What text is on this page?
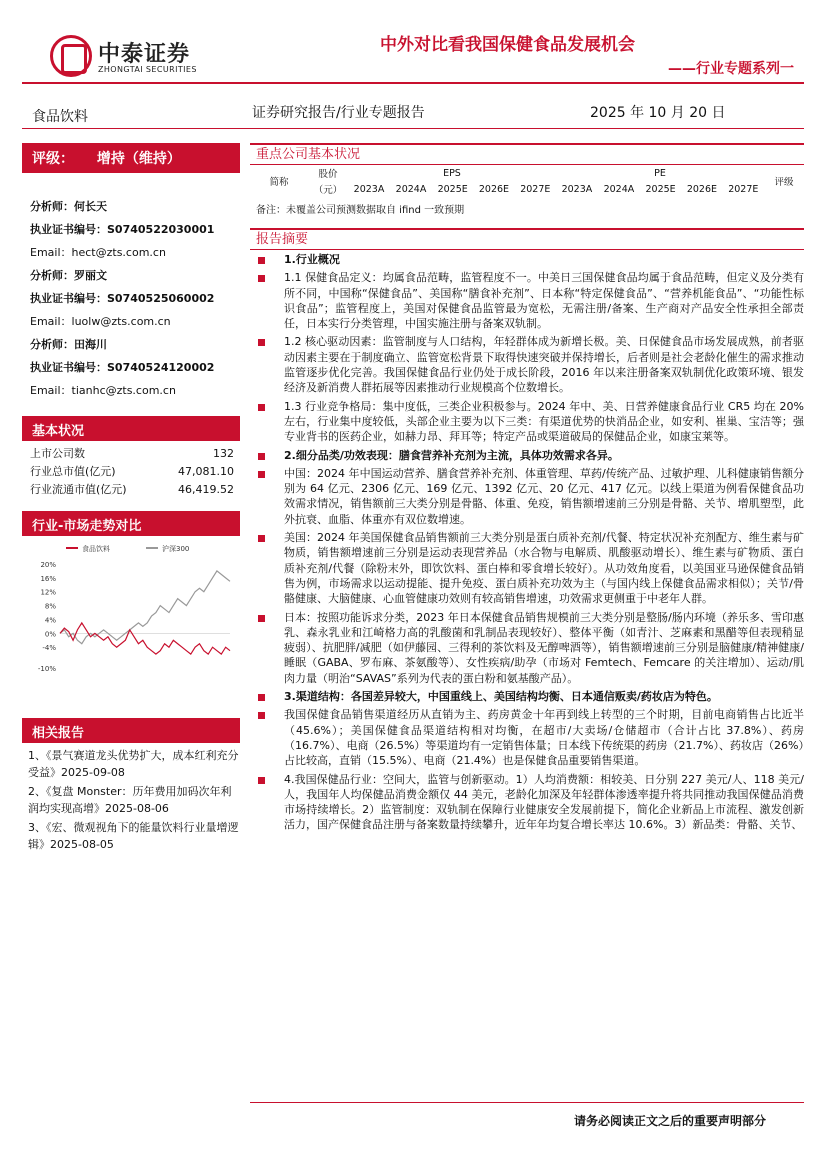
中泰证券
ZHONGTAI SECURITIES
中外对比看我国保健食品发展机会
——行业专题系列一
食品饮料	证券研究报告/行业专题报告	2025 年 10 月 20 日
评级： 增持（维持）
分析师：何长天
执业证书编号：S0740522030001
Email：hect@zts.com.cn
分析师：罗丽文
执业证书编号：S0740525060002
Email：luolw@zts.com.cn
分析师：田海川
执业证书编号：S0740524120002
Email：tianhc@zts.com.cn
基本状况
上市公司数	132
行业总市值(亿元)	47,081.10
行业流通市值(亿元)	46,419.52
行业-市场走势对比
20%
16%
12%
8%
4%
0%
-4%
-10%
食品饮料	沪深300
相关报告
1、《景气赛道龙头优势扩大，成本红利充分受益》2025-09-08
2、《复盘 Monster：历年费用加码次年利润均实现高增》2025-08-06
3、《宏、微观视角下的能量饮料行业量增逻辑》2025-08-05
重点公司基本状况
简称	股价	EPS					PE					评级
	（元）	2023A	2024A	2025E	2026E	2027E	2023A	2024A	2025E	2026E	2027E	
备注：未覆盖公司预测数据取自 ifind 一致预期
报告摘要
1.行业概况
1.1 保健食品定义：均属食品范畴，监管程度不一。中美日三国保健食品均属于食品范畴，但定义及分类有所不同，中国称“保健食品”、美国称“膳食补充剂”、日本称“特定保健食品”、“营养机能食品”、“功能性标识食品”；监管程度上，美国对保健食品监管最为宽松，无需注册/备案、生产商对产品安全性承担全部责任，日本实行分类管理，中国实施注册与备案双轨制。
1.2 核心驱动因素：监管制度与人口结构，年轻群体成为新增长极。美、日保健食品市场发展成熟，前者驱动因素主要在于制度确立、监管宽松背景下取得快速突破并保持增长，后者则是社会老龄化催生的需求推动监管逐步优化完善。我国保健食品行业仍处于成长阶段，2016 年以来注册备案双轨制优化政策环境、银发经济及新消费人群拓展等因素推动行业规模高个位数增长。
1.3 行业竞争格局：集中度低，三类企业积极参与。2024 年中、美、日营养健康食品行业 CR5 均在 20%左右，行业集中度较低，头部企业主要为以下三类：有渠道优势的快消品企业，如安利、崔巢、宝洁等；强专业背书的医药企业，如赫力昂、拜耳等；特定产品或渠道破局的保健品企业，如康宝莱等。
2.细分品类/功效表现：膳食营养补充剂为主流，具体功效需求各异。
中国：2024 年中国运动营养、膳食营养补充剂、体重管理、草药/传统产品、过敏护理、儿科健康销售额分别为 64 亿元、2306 亿元、169 亿元、1392 亿元、20 亿元、417 亿元。以线上渠道为例看保健食品功效需求情况，销售额前三大类分别是骨骼、体重、免疫，销售额增速前三分别是骨骼、关节、增肌塑型，此外抗衰、血脂、体重亦有双位数增速。
美国：2024 年美国保健食品销售额前三大类分别是蛋白质补充剂/代餐、特定状况补充剂配方、维生素与矿物质，销售额增速前三分别是运动表现营养品（水合物与电解质、肌酸驱动增长）、维生素与矿物质、蛋白质补充剂/代餐（除粉末外，即饮饮料、蛋白棒和零食增长较好）。从功效角度看，以美国亚马逊保健食品销售为例，市场需求以运动提能、提升免疫、蛋白质补充功效为主（与国内线上保健食品需求相似）；关节/骨骼健康、大脑健康、心血管健康功效则有较高销售增速，功效需求更侧重于中老年人群。
日本：按照功能诉求分类，2023 年日本保健食品销售规模前三大类分别是整肠/肠内环境（养乐多、雪印惠乳、森永乳业和江崎格力高的乳酸菌和乳制品表现较好）、整体平衡（如青汁、芝麻素和黑醋等但表现稍显疲弱）、抗肥胖/减肥（如伊藤园、三得利的茶饮料及无醇啤酒等），销售额增速前三分别是脑健康/精神健康/睡眠（GABA、罗布麻、茶氨酸等）、女性疾病/助孕（市场对 Femtech、Femcare 的关注增加）、运动/肌肉力量（明治“SAVAS”系列为代表的蛋白粉和氨基酸产品）。
3.渠道结构：各国差异较大，中国重线上、美国结构均衡、日本通信贩卖/药妆店为特色。
我国保健食品销售渠道经历从直销为主、药房黄金十年再到线上转型的三个时期，目前电商销售占比近半（45.6%）；美国保健食品渠道结构相对均衡，在超市/大卖场/仓储超市（合计占比 37.8%）、药房（16.7%）、电商（26.5%）等渠道均有一定销售体量；日本线下传统渠的药房（21.7%）、药妆店（26%）占比较高，直销（15.5%）、电商（21.4%）也是保健食品重要销售渠道。
4.我国保健品行业：空间大，监管与创新驱动。1）人均消费额：相较美、日分别 227 美元/人、118 美元/人，我国年人均保健品消费金额仅 44 美元，老龄化加深及年轻群体渗透率提升将共同推动我国保健品消费市场持续增长。2）监管制度：双轨制在保障行业健康安全发展前提下，简化企业新品上市流程、激发创新活力，国产保健食品注册与备案数量持续攀升，近年年均复合增长率达 10.6%。3）新品类：骨骼、关节、
请务必阅读正文之后的重要声明部分
